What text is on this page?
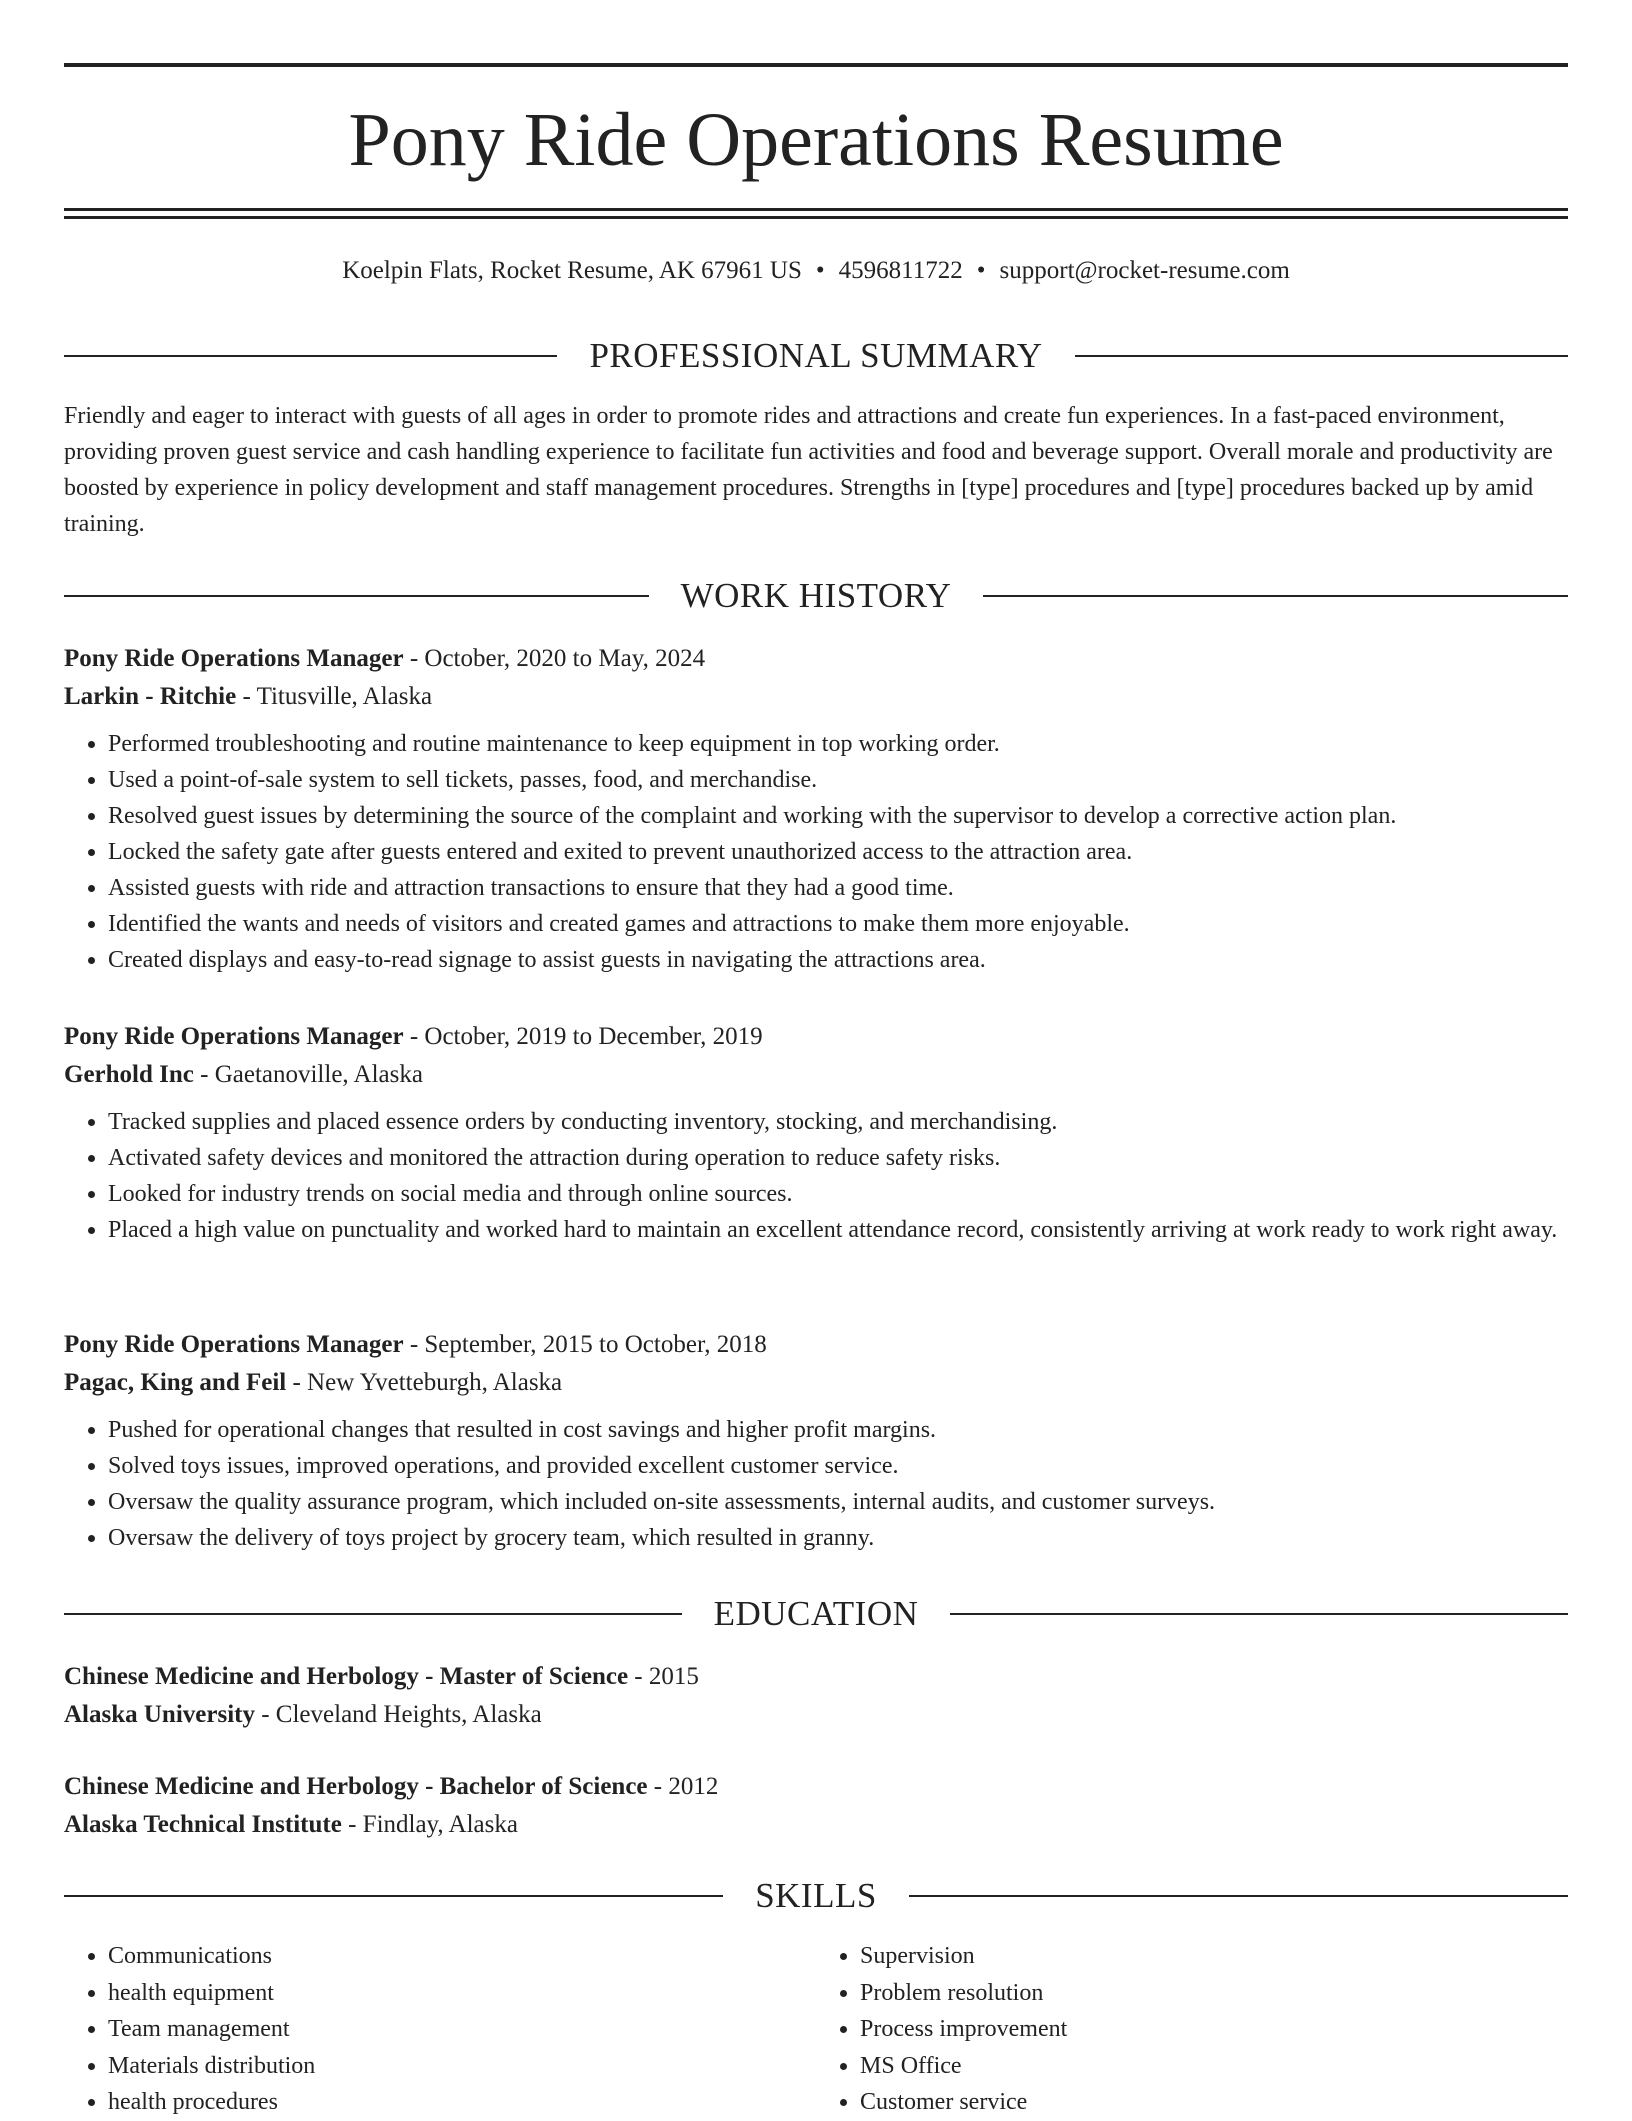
Pony Ride Operations Resume
Koelpin Flats, Rocket Resume, AK 67961 US • 4596811722 • support@rocket-resume.com
PROFESSIONAL SUMMARY

Friendly and eager to interact with guests of all ages in order to promote rides and attractions and create fun experiences. In a fast-paced environment, providing proven guest service and cash handling experience to facilitate fun activities and food and beverage support. Overall morale and productivity are boosted by experience in policy development and staff management procedures. Strengths in [type] procedures and [type] procedures backed up by amid training.

WORK HISTORY
Pony Ride Operations Manager - October, 2020 to May, 2024
Larkin - Ritchie - Titusville, Alaska
• Performed troubleshooting and routine maintenance to keep equipment in top working order.
• Used a point-of-sale system to sell tickets, passes, food, and merchandise.
• Resolved guest issues by determining the source of the complaint and working with the supervisor to develop a corrective action plan.
• Locked the safety gate after guests entered and exited to prevent unauthorized access to the attraction area.
• Assisted guests with ride and attraction transactions to ensure that they had a good time.
• Identified the wants and needs of visitors and created games and attractions to make them more enjoyable.
• Created displays and easy-to-read signage to assist guests in navigating the attractions area.
Pony Ride Operations Manager - October, 2019 to December, 2019
Gerhold Inc - Gaetanoville, Alaska
• Tracked supplies and placed essence orders by conducting inventory, stocking, and merchandising.
• Activated safety devices and monitored the attraction during operation to reduce safety risks.
• Looked for industry trends on social media and through online sources.
• Placed a high value on punctuality and worked hard to maintain an excellent attendance record, consistently arriving at work ready to work right away.
Pony Ride Operations Manager - September, 2015 to October, 2018
Pagac, King and Feil - New Yvetteburgh, Alaska
• Pushed for operational changes that resulted in cost savings and higher profit margins.
• Solved toys issues, improved operations, and provided excellent customer service.
• Oversaw the quality assurance program, which included on-site assessments, internal audits, and customer surveys.
• Oversaw the delivery of toys project by grocery team, which resulted in granny.
EDUCATION
Chinese Medicine and Herbology - Master of Science - 2015
Alaska University - Cleveland Heights, Alaska
Chinese Medicine and Herbology - Bachelor of Science - 2012
Alaska Technical Institute - Findlay, Alaska
SKILLS
• Communications
• health equipment
• Team management
• Materials distribution
• health procedures
• Supervision
• Problem resolution
• Process improvement
• MS Office
• Customer service
